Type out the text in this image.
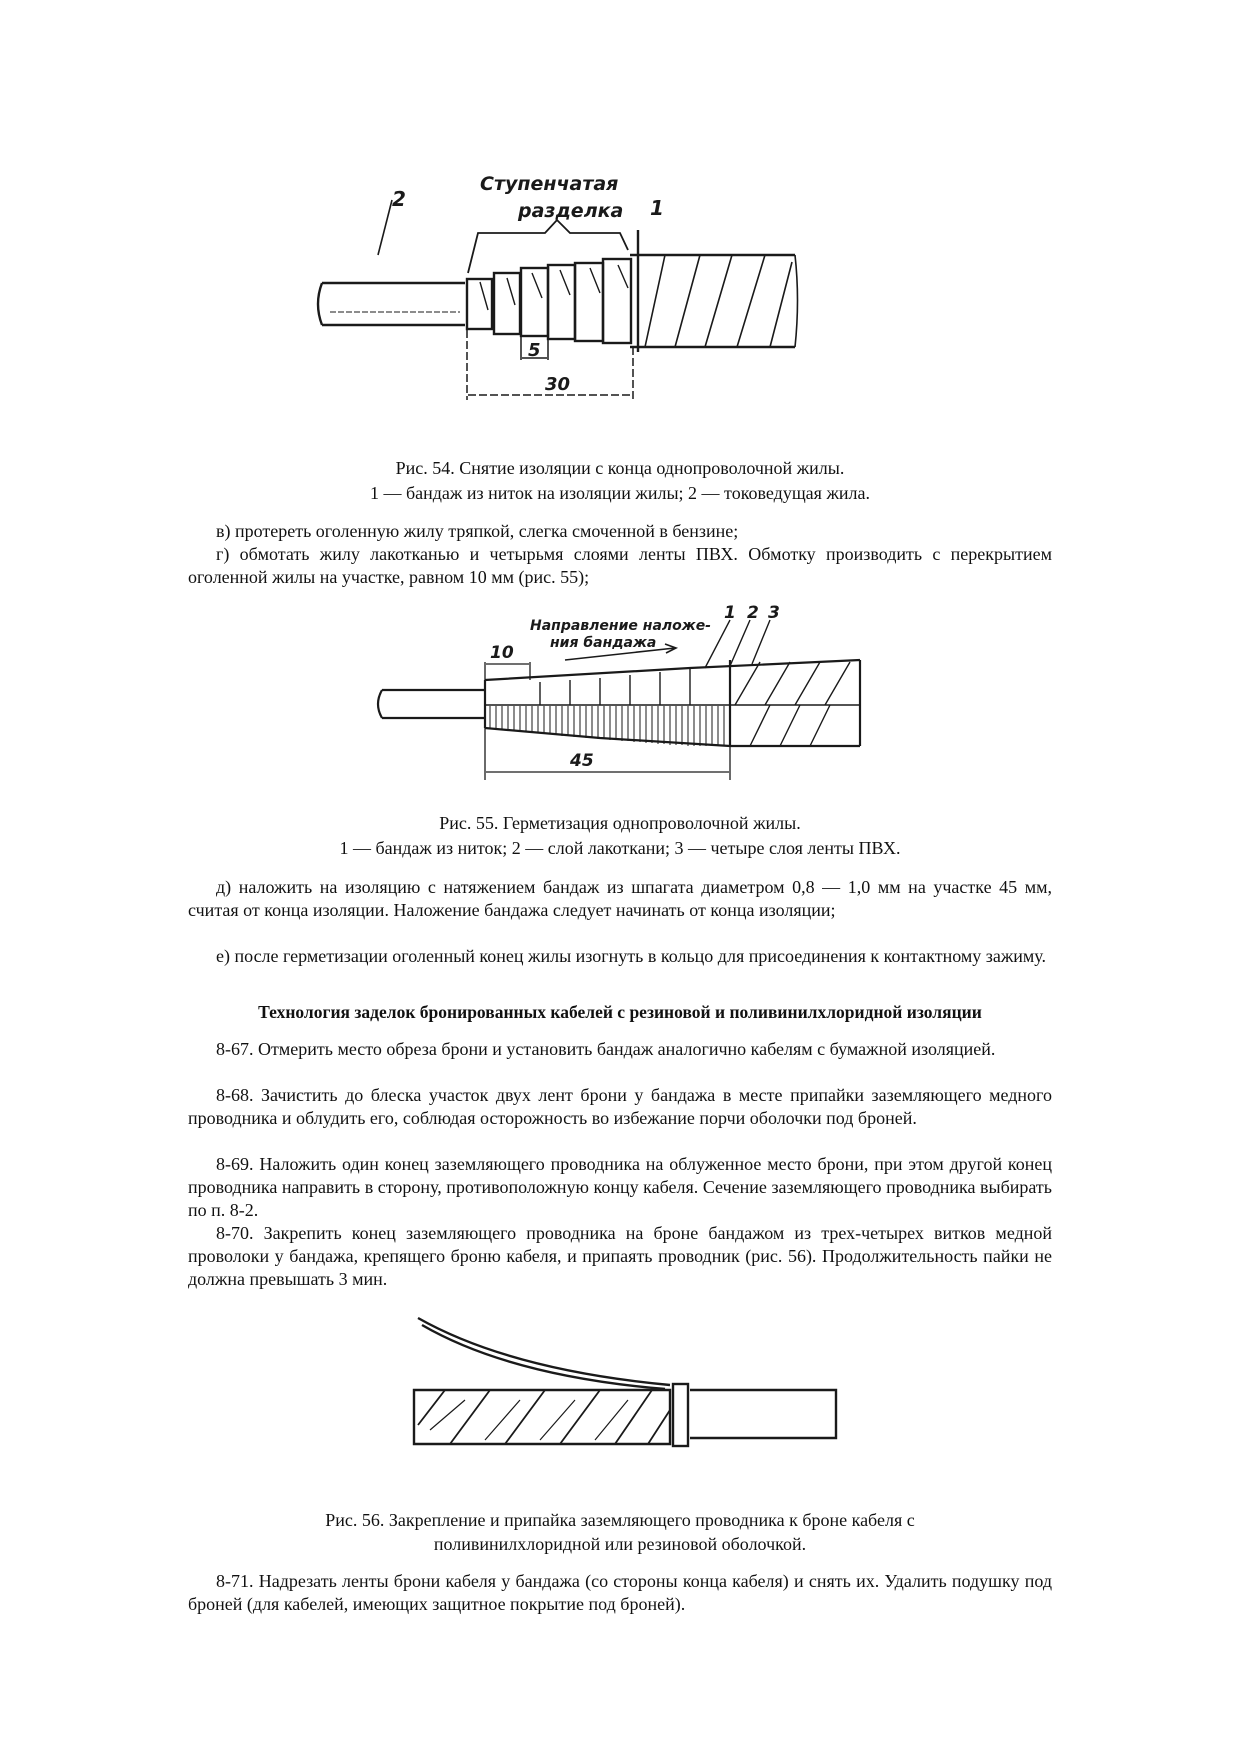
Ступенчатая
разделка
2	1
5
30
Рис. 54. Снятие изоляции с конца однопроволочной жилы.
1 — бандаж из ниток на изоляции жилы; 2 — токоведущая жила.
в) протереть оголенную жилу тряпкой, слегка смоченной в бензине;
г) обмотать жилу лакотканью и четырьмя слоями ленты ПВХ. Обмотку производить с перекрытием оголенной жилы на участке, равном 10 мм (рис. 55);
Направление наложе-
ния бандажа
10
45
1 2 3
Рис. 55. Герметизация однопроволочной жилы.
1 — бандаж из ниток; 2 — слой лакоткани; 3 — четыре слоя ленты ПВХ.
д) наложить на изоляцию с натяжением бандаж из шпагата диаметром 0,8 — 1,0 мм на участке 45 мм, считая от конца изоляции. Наложение бандажа следует начинать от конца изоляции;
е) после герметизации оголенный конец жилы изогнуть в кольцо для присоединения к контактному зажиму.
Технология заделок бронированных кабелей с резиновой и поливинилхлоридной изоляции
8-67. Отмерить место обреза брони и установить бандаж аналогично кабелям с бумажной изоляцией.
8-68. Зачистить до блеска участок двух лент брони у бандажа в месте припайки заземляющего медного проводника и облудить его, соблюдая осторожность во избежание порчи оболочки под броней.
8-69. Наложить один конец заземляющего проводника на облуженное место брони, при этом другой конец проводника направить в сторону, противоположную концу кабеля. Сечение заземляющего проводника выбирать по п. 8-2.
8-70. Закрепить конец заземляющего проводника на броне бандажом из трех-четырех витков медной проволоки у бандажа, крепящего броню кабеля, и припаять проводник (рис. 56). Продолжительность пайки не должна превышать 3 мин.
Рис. 56. Закрепление и припайка заземляющего проводника к броне кабеля с
поливинилхлоридной или резиновой оболочкой.
8-71. Надрезать ленты брони кабеля у бандажа (со стороны конца кабеля) и снять их. Удалить подушку под броней (для кабелей, имеющих защитное покрытие под броней).
